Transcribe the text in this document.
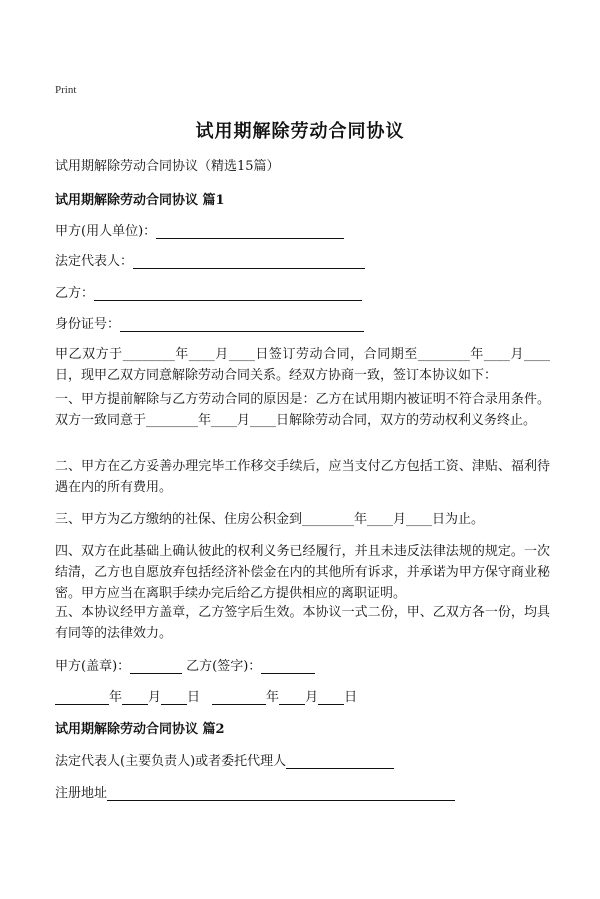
Print
试用期解除劳动合同协议
试用期解除劳动合同协议（精选15篇）
试用期解除劳动合同协议 篇1
甲方(用人单位)：
法定代表人：
乙方：
身份证号：
甲乙双方于________年____月____日签订劳动合同，合同期至________年____月____日，现甲乙双方同意解除劳动合同关系。经双方协商一致，签订本协议如下：
一、甲方提前解除与乙方劳动合同的原因是：乙方在试用期内被证明不符合录用条件。双方一致同意于________年____月____日解除劳动合同，双方的劳动权利义务终止。
二、甲方在乙方妥善办理完毕工作移交手续后，应当支付乙方包括工资、津贴、福利待遇在内的所有费用。
三、甲方为乙方缴纳的社保、住房公积金到________年____月____日为止。
四、双方在此基础上确认彼此的权利义务已经履行，并且未违反法律法规的规定。一次结清，乙方也自愿放弃包括经济补偿金在内的其他所有诉求，并承诺为甲方保守商业秘密。甲方应当在离职手续办完后给乙方提供相应的离职证明。
五、本协议经甲方盖章，乙方签字后生效。本协议一式二份，甲、乙双方各一份，均具有同等的法律效力。
甲方(盖章)：	乙方(签字)：
年 月 日	年 月 日
试用期解除劳动合同协议 篇2
法定代表人(主要负责人)或者委托代理人
注册地址
